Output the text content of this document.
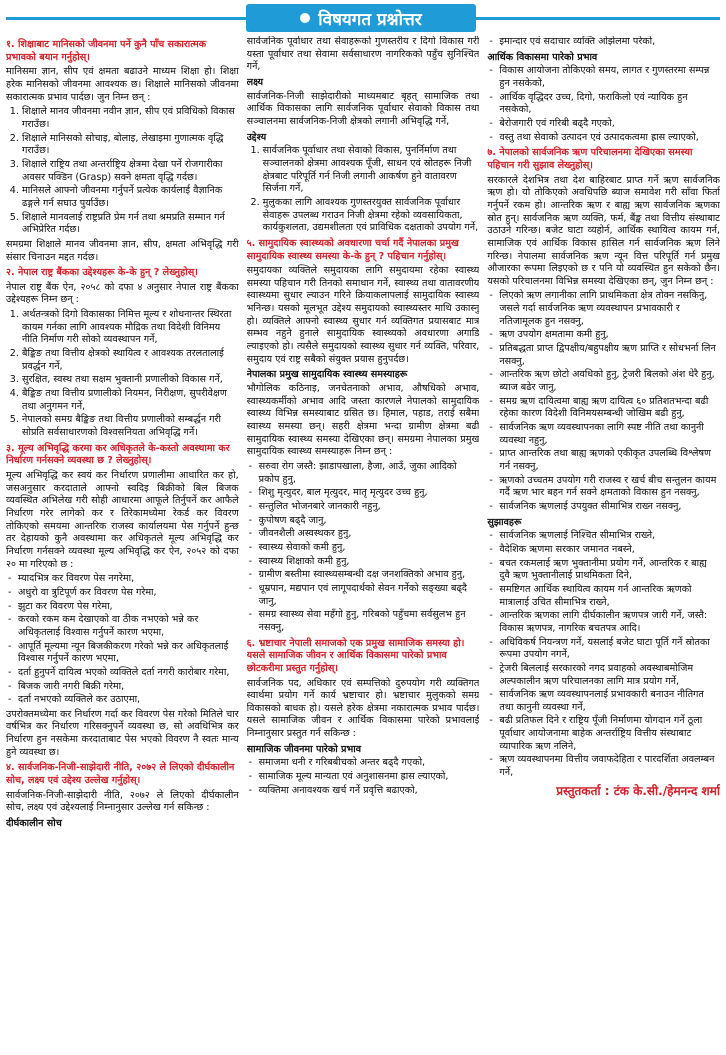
विषयगत प्रश्नोत्तर
१. शिक्षाबाट मानिसको जीवनमा पर्ने कुनै पाँच सकारात्मक प्रभावको बयान गर्नुहोस्।

मानिसमा ज्ञान, सीप एवं क्षमता बढाउने माध्यम शिक्षा हो। शिक्षा हरेक मानिसको जीवनमा आवश्यक छ। शिक्षाले मानिसको जीवनमा सकारात्मक प्रभाव पार्दछ। जुन निम्न छन् :

1. शिक्षाले मानव जीवनमा नवीन ज्ञान, सीप एवं प्रविधिको विकास गराउँछ।
2. शिक्षाले मानिसको सोचाइ, बोलाइ, लेखाइमा गुणात्मक वृद्धि गराउँछ।
3. शिक्षाले राष्ट्रिय तथा अन्तर्राष्ट्रिय क्षेत्रमा देखा पर्ने रोजगारीका अवसर पक्डिन (Grasp) सक्ने क्षमता वृद्धि गर्दछ।
4. मानिसले आफ्नो जीवनमा गर्नुपर्ने प्रत्येक कार्यलाई वैज्ञानिक ढङ्गले गर्न सघाउ पुर्याउँछ।
5. शिक्षाले मानवलाई राष्ट्रप्रति प्रेम गर्न तथा श्रमप्रति सम्मान गर्न अभिप्रेरित गर्दछ।

समग्रमा शिक्षाले मानव जीवनमा ज्ञान, सीप, क्षमता अभिवृद्धि गरी संसार चिनाउन मद्दत गर्दछ।

२. नेपाल राष्ट्र बैंकका उद्देश्यहरू के-के हुन् ? लेख्नुहोस्।

नेपाल राष्ट्र बैंक ऐन, २०५८ को दफा ४ अनुसार नेपाल राष्ट्र बैंकका उद्देश्यहरू निम्न छन् :

1. अर्थतन्त्रको दिगो विकासका निमित्त मूल्य र शोधनान्तर स्थिरता कायम गर्नका लागि आवश्यक मौद्रिक तथा विदेशी विनिमय नीति निर्माण गरी सोको व्यवस्थापन गर्ने,
2. बैङ्किङ तथा वित्तीय क्षेत्रको स्थायित्व र आवश्यक तरलतालाई प्रवर्द्धन गर्ने,
3. सुरक्षित, स्वस्थ तथा सक्षम भुक्तानी प्रणालीको विकास गर्ने,
4. बैङ्किङ तथा वित्तीय प्रणालीको नियमन, निरीक्षण, सुपरीवेक्षण तथा अनुगमन गर्ने,
5. नेपालको समग्र बैङ्किङ तथा वित्तीय प्रणालीको सम्बर्द्धन गरी सोप्रति सर्वसाधारणको विश्वसनियता अभिवृद्धि गर्ने।
३. मूल्य अभिवृद्धि करमा कर अधिकृतले के-कस्तो अवस्थामा कर निर्धारण गर्नसक्ने व्यवस्था छ ? लेख्नुहोस्।

मूल्य अभिवृद्धि कर स्वयं कर निर्धारण प्रणालीमा आधारित कर हो, जसअनुसार करदाताले आफ्नो स्वदिइ बिक्रीको बिल बिजक व्यवस्थित अभिलेख गरी सोही आधारमा आफूले तिर्नुपर्ने कर आफैले निर्धारण गरेर लागेको कर र तिरेकामध्येमा रेकर्ड कर विवरण तोकिएको समयमा आन्तरिक राजस्व कार्यालयमा पेस गर्नुपर्ने हुन्छ तर देहायको कुनै अवस्थामा कर अधिकृतले मूल्य अभिवृद्धि कर निर्धारण गर्नसक्ने व्यवस्था मूल्य अभिवृद्धि कर ऐन, २०५२ को दफा २० मा गरिएको छ :

- म्यादभित्र कर विवरण पेस नगरेमा,
- अधुरो वा त्रुटिपूर्ण कर विवरण पेस गरेमा,
- झुटा कर विवरण पेस गरेमा,
- करको रकम कम देखाएको वा ठीक नभएको भन्ने कर अधिकृतलाई विश्वास गर्नुपर्ने कारण भएमा,
- आपूर्ति मूल्यमा न्यून बिजकीकरण गरेको भन्ने कर अधिकृतलाई विश्वास गर्नुपर्ने कारण भएमा,
- दर्ता हुनुपर्ने दायित्व भएको व्यक्तिले दर्ता नगरी कारोबार गरेमा,
- बिजक जारी नगरी बिक्री गरेमा,
- दर्ता नभएको व्यक्तिले कर उठाएमा,

उपरोक्तमध्येमा कर निर्धारण गर्दा कर विवरण पेस गरेको मितिले चार वर्षभित्र कर निर्धारण गरिसक्नुपर्ने व्यवस्था छ, सो अवधिभित्र कर निर्धारण हुन नसकेमा करदाताबाट पेस भएको विवरण नै स्वतः मान्य हुने व्यवस्था छ।

४. सार्वजनिक-निजी-साझेदारी नीति, २०७२ ले लिएको दीर्घकालीन सोच, लक्ष्य एवं उद्देश्य उल्लेख गर्नुहोस्।

सार्वजनिक-निजी-साझेदारी नीति, २०७२ ले लिएको दीर्घकालीन सोच, लक्ष्य एवं उद्देश्यलाई निम्नानुसार उल्लेख गर्न सकिन्छ :

दीर्घकालीन सोच

सार्वजनिक पूर्वाधार तथा सेवाहरूको गुणस्तरीय र दिगो विकास गरी यस्ता पूर्वाधार तथा सेवामा सर्वसाधारण नागरिकको पहुँच सुनिश्चित गर्ने,

लक्ष्य

सार्वजनिक-निजी साझेदारीको माध्यमबाट बृहत् सामाजिक तथा आर्थिक विकासका लागि सार्वजनिक पूर्वाधार सेवाको विकास तथा सञ्चालनमा सार्वजनिक-निजी क्षेत्रको लगानी अभिवृद्धि गर्ने,

उद्देश्य
1. सार्वजनिक पूर्वाधार तथा सेवाको विकास, पुनर्निर्माण तथा सञ्चालनको क्षेत्रमा आवश्यक पूँजी, साधन एवं स्रोतहरू निजी क्षेत्रबाट परिपूर्ति गर्न निजी लगानी आकर्षण हुने वातावरण सिर्जना गर्ने,
2. मुलुकका लागि आवश्यक गुणस्तरयुक्त सार्वजनिक पूर्वाधार सेवाहरू उपलब्ध गराउन निजी क्षेत्रमा रहेको व्यवसायिकता, कार्यकुशलता, उद्यमशीलता एवं प्राविधिक दक्षताको उपयोग गर्ने,
५. सामुदायिक स्वास्थ्यको अवधारणा चर्चा गर्दै नेपालका प्रमुख सामुदायिक स्वास्थ्य समस्या के-के हुन् ? पहिचान गर्नुहोस्।

समुदायका व्यक्तिले समुदायका लागि समुदायमा रहेका स्वास्थ्य समस्या पहिचान गरी तिनको समाधान गर्ने, स्वास्थ्य तथा वातावरणीय स्वास्थ्यमा सुधार ल्याउन गरिने क्रियाकलापलाई सामुदायिक स्वास्थ्य भनिन्छ। यसको मूलभूत उद्देश्य समुदायको स्वास्थ्यस्तर माथि उकास्नु हो। व्यक्तिले आफ्नो स्वास्थ्य सुधार गर्न व्यक्तिगत प्रयासबाट मात्र सम्भव नहुने हुनाले सामुदायिक स्वास्थ्यको अवधारणा अगाडि ल्याइएको हो। त्यसैले समुदायको स्वास्थ्य सुधार गर्न व्यक्ति, परिवार, समुदाय एवं राष्ट्र सबैको संयुक्त प्रयास हुनुपर्दछ।

नेपालका प्रमुख सामुदायिक स्वास्थ्य समस्याहरू

भौगोलिक कठिनाइ, जनचेतनाको अभाव, औषधिको अभाव, स्वास्थ्यकर्मीको अभाव आदि जस्ता कारणले नेपालको सामुदायिक स्वास्थ्य विभिन्न समस्याबाट ग्रसित छ। हिमाल, पहाड, तराई सबैमा स्वास्थ्य समस्या छन्। सहरी क्षेत्रमा भन्दा ग्रामीण क्षेत्रमा बढी सामुदायिक स्वास्थ्य समस्या देखिएका छन्। समग्रमा नेपालका प्रमुख सामुदायिक स्वास्थ्य समस्याहरू निम्न छन् :

- सरुवा रोग जस्तै: झाडापखाला, हैजा, आउँ, जुका आदिको प्रकोप हुनु,
- शिशु मृत्युदर, बाल मृत्युदर, मातृ मृत्युदर उच्च हुनु,
- सन्तुलित भोजनबारे जानकारी नहुनु,
- कुपोषण बढ्दै जानु,
- जीवनशैली अस्वस्थकर हुनु,
- स्वास्थ्य सेवाको कमी हुनु,
- स्वास्थ्य शिक्षाको कमी हुनु,
- ग्रामीण बस्तीमा स्वास्थ्यसम्बन्धी दक्ष जनशक्तिको अभाव हुनु,
- धूम्रपान, मद्यपान एवं लागूपदार्थको सेवन गर्नेको सङ्ख्या बढ्दै जानु,
- समग्र स्वास्थ्य सेवा महँगो हुनु, गरिबको पहुँचमा सर्वसुलभ हुन नसक्नु,
६. भ्रष्टाचार नेपाली समाजको एक प्रमुख सामाजिक समस्या हो। यसले सामाजिक जीवन र आर्थिक विकासमा पारेको प्रभाव छोटकरीमा प्रस्तुत गर्नुहोस्।

सार्वजनिक पद, अधिकार एवं सम्पत्तिको दुरुपयोग गरी व्यक्तिगत स्वार्थमा प्रयोग गर्ने कार्य भ्रष्टाचार हो। भ्रष्टाचार मुलुकको समग्र विकासको बाधक हो। यसले हरेक क्षेत्रमा नकारात्मक प्रभाव पार्दछ। यसले सामाजिक जीवन र आर्थिक विकासमा पारेको प्रभावलाई निम्नानुसार प्रस्तुत गर्न सकिन्छ :

सामाजिक जीवनमा पारेको प्रभाव
- समाजमा धनी र गरिबबीचको अन्तर बढ्दै गएको,
- सामाजिक मूल्य मान्यता एवं अनुशासनमा ह्रास ल्याएको,
- व्यक्तिमा अनावश्यक खर्च गर्ने प्रवृत्ति बढाएको,
- इमान्दार एवं सदाचार व्यक्ति ओझेलमा परेको,
आर्थिक विकासमा पारेको प्रभाव
- विकास आयोजना तोकिएको समय, लागत र गुणस्तरमा सम्पन्न हुन नसकेको,
- आर्थिक वृद्धिदर उच्च, दिगो, फराकिलो एवं न्यायिक हुन नसकेको,
- बेरोजगारी एवं गरिबी बढ्दै गएको,
- वस्तु तथा सेवाको उत्पादन एवं उत्पादकत्वमा ह्रास ल्याएको,
७. नेपालको सार्वजनिक ऋण परिचालनमा देखिएका समस्या पहिचान गरी सुझाव लेख्नुहोस्।

सरकारले देशभित्र तथा देश बाहिरबाट प्राप्त गर्ने ऋण सार्वजनिक ऋण हो। यो तोकिएको अवधिपछि ब्याज समावेश गरी साँवा फिर्ता गर्नुपर्ने रकम हो। आन्तरिक ऋण र बाह्य ऋण सार्वजनिक ऋणका स्रोत हुन्। सार्वजनिक ऋण व्यक्ति, फर्म, बैंङ्क तथा वित्तीय संस्थाबाट उठाउने गरिन्छ। बजेट घाटा व्यहोर्न, आर्थिक स्थायित्व कायम गर्न, सामाजिक एवं आर्थिक विकास हासिल गर्न सार्वजनिक ऋण लिने गरिन्छ। नेपालमा सार्वजनिक ऋण न्यून वित्त परिपूर्ति गर्न प्रमुख औजारका रूपमा लिइएको छ र पनि यो व्यवस्थित हुन सकेको छैन। यसको परिचालनमा विभिन्न समस्या देखिएका छन्, जुन निम्न छन् :

- लिएको ऋण लगानीका लागि प्राथमिकता क्षेत्र तोक्न नसकिनु, जसले गर्दा सार्वजनिक ऋण व्यवस्थापन प्रभावकारी र नतिजामूलक हुन नसक्नु,
- ऋण उपयोग क्षमतामा कमी हुनु,
- प्रतिबद्धता प्राप्त द्विपक्षीय/बहुपक्षीय ऋण प्राप्ति र सोधभर्ना लिन नसक्नु,
- आन्तरिक ऋण छोटो अवधिको हुनु, ट्रेजरी बिलको अंश धेरै हुनु, ब्याज बढेर जानु,
- समग्र ऋण दायित्वमा बाह्य ऋण दायित्व ६० प्रतिशतभन्दा बढी रहेका कारण विदेशी विनिमयसम्बन्धी जोखिम बढी हुनु,
- सार्वजनिक ऋण व्यवस्थापनका लागि स्पष्ट नीति तथा कानुनी व्यवस्था नहुनु,
- प्राप्त आन्तरिक तथा बाह्य ऋणको एकीकृत उपलब्धि विश्लेषण गर्न नसक्नु,
- ऋणको उच्चतम उपयोग गरी राजस्व र खर्च बीच सन्तुलन कायम गर्दै ऋण भार बहन गर्न सक्ने क्षमताको विकास हुन नसक्नु,
- सार्वजनिक ऋणलाई उपयुक्त सीमाभित्र राख्न नसक्नु,
सुझावहरू
- सार्वजनिक ऋणलाई निश्चित सीमाभित्र राख्ने,
- वैदेशिक ऋणमा सरकार जमानत नबस्ने,
- बचत रकमलाई ऋण भुक्तानीमा प्रयोग गर्ने, आन्तरिक र बाह्य दुवै ऋण भुक्तानीलाई प्राथमिकता दिने,
- समष्टिगत आर्थिक स्थायित्व कायम गर्न आन्तरिक ऋणको मात्रालाई उचित सीमाभित्र राख्ने,
- आन्तरिक ऋणका लागि दीर्घकालीन ऋणपत्र जारी गर्ने, जस्तै: विकास ऋणपत्र, नागरिक बचतपत्र आदि।
- अधिविकर्ष नियन्त्रण गर्ने, यसलाई बजेट घाटा पूर्ति गर्ने स्रोतका रूपमा उपयोग नगर्ने,
- ट्रेजरी बिललाई सरकारको नगद प्रवाहको अवस्थाबमोजिम अल्पकालीन ऋण परिचालनका लागि मात्र प्रयोग गर्ने,
- सार्वजनिक ऋण व्यवस्थापनलाई प्रभावकारी बनाउन नीतिगत तथा कानुनी व्यवस्था गर्ने,
- बढी प्रतिफल दिने र राष्ट्रिय पूँजी निर्माणमा योगदान गर्ने ठूला पूर्वाधार आयोजनामा बाहेक अन्तर्राष्ट्रिय वित्तीय संस्थाबाट व्यापारिक ऋण नलिने,
- ऋण व्यवस्थापनमा वित्तीय जवाफदेहिता र पारदर्शिता अवलम्बन गर्ने,
प्रस्तुतकर्ता : टंक के.सी./हेमनन्द शर्मा
